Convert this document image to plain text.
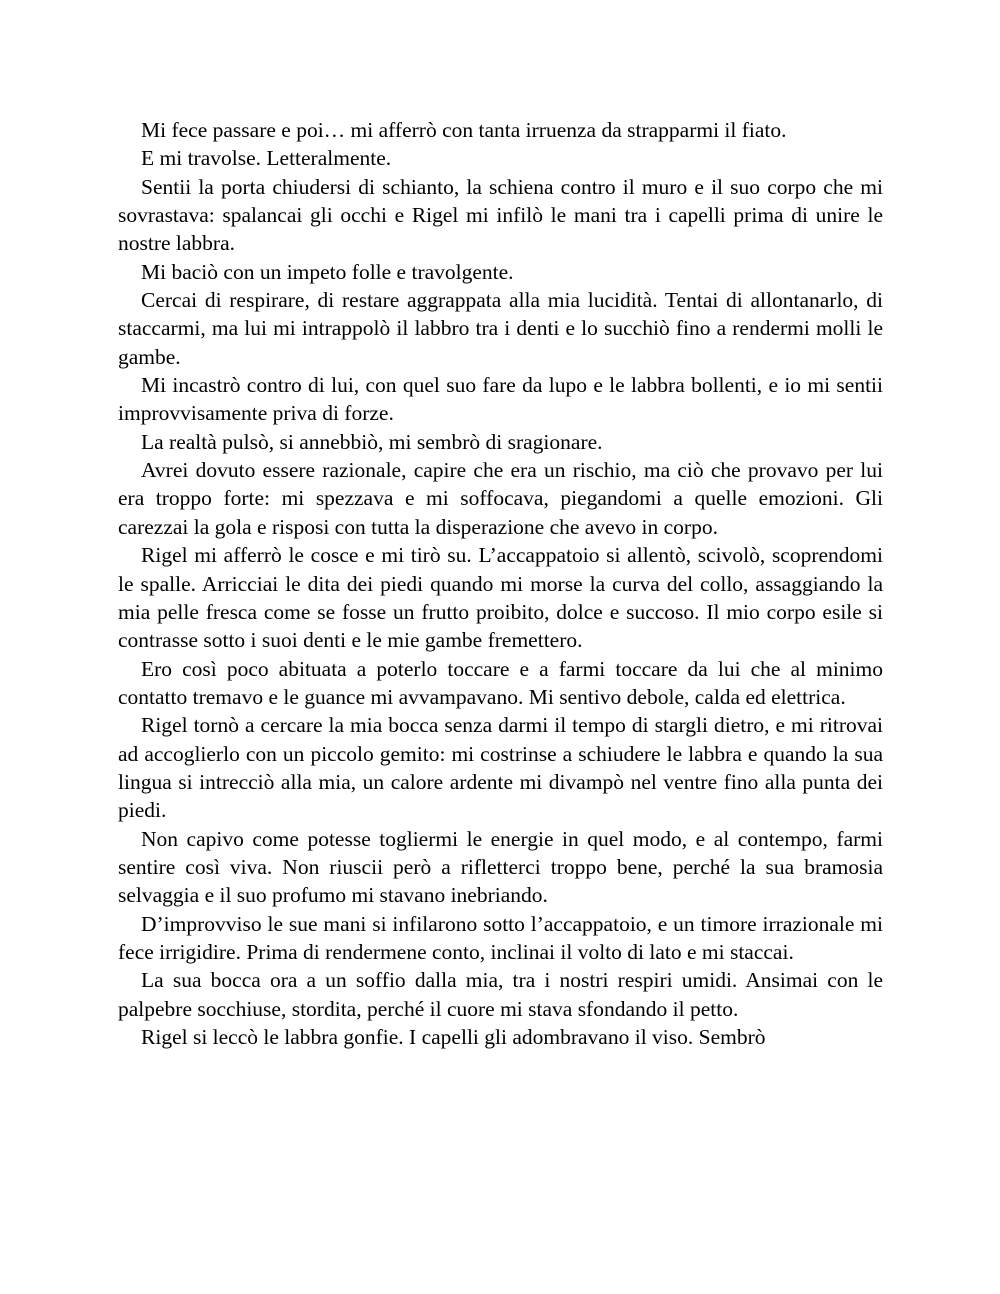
Mi fece passare e poi… mi afferrò con tanta irruenza da strapparmi il fiato.

E mi travolse. Letteralmente.

Sentii la porta chiudersi di schianto, la schiena contro il muro e il suo corpo che mi sovrastava: spalancai gli occhi e Rigel mi infilò le mani tra i capelli prima di unire le nostre labbra.

Mi baciò con un impeto folle e travolgente.

Cercai di respirare, di restare aggrappata alla mia lucidità. Tentai di allontanarlo, di staccarmi, ma lui mi intrappolò il labbro tra i denti e lo succhiò fino a rendermi molli le gambe.

Mi incastrò contro di lui, con quel suo fare da lupo e le labbra bollenti, e io mi sentii improvvisamente priva di forze.

La realtà pulsò, si annebbiò, mi sembrò di sragionare.

Avrei dovuto essere razionale, capire che era un rischio, ma ciò che provavo per lui era troppo forte: mi spezzava e mi soffocava, piegandomi a quelle emozioni. Gli carezzai la gola e risposi con tutta la disperazione che avevo in corpo.

Rigel mi afferrò le cosce e mi tirò su. L’accappatoio si allentò, scivolò, scoprendomi le spalle. Arricciai le dita dei piedi quando mi morse la curva del collo, assaggiando la mia pelle fresca come se fosse un frutto proibito, dolce e succoso. Il mio corpo esile si contrasse sotto i suoi denti e le mie gambe fremettero.

Ero così poco abituata a poterlo toccare e a farmi toccare da lui che al minimo contatto tremavo e le guance mi avvampavano. Mi sentivo debole, calda ed elettrica.

Rigel tornò a cercare la mia bocca senza darmi il tempo di stargli dietro, e mi ritrovai ad accoglierlo con un piccolo gemito: mi costrinse a schiudere le labbra e quando la sua lingua si intrecciò alla mia, un calore ardente mi divampò nel ventre fino alla punta dei piedi.

Non capivo come potesse togliermi le energie in quel modo, e al contempo, farmi sentire così viva. Non riuscii però a rifletterci troppo bene, perché la sua bramosia selvaggia e il suo profumo mi stavano inebriando.

D’improvviso le sue mani si infilarono sotto l’accappatoio, e un timore irrazionale mi fece irrigidire. Prima di rendermene conto, inclinai il volto di lato e mi staccai.

La sua bocca ora a un soffio dalla mia, tra i nostri respiri umidi. Ansimai con le palpebre socchiuse, stordita, perché il cuore mi stava sfondando il petto.

Rigel si leccò le labbra gonfie. I capelli gli adombravano il viso. Sembrò
